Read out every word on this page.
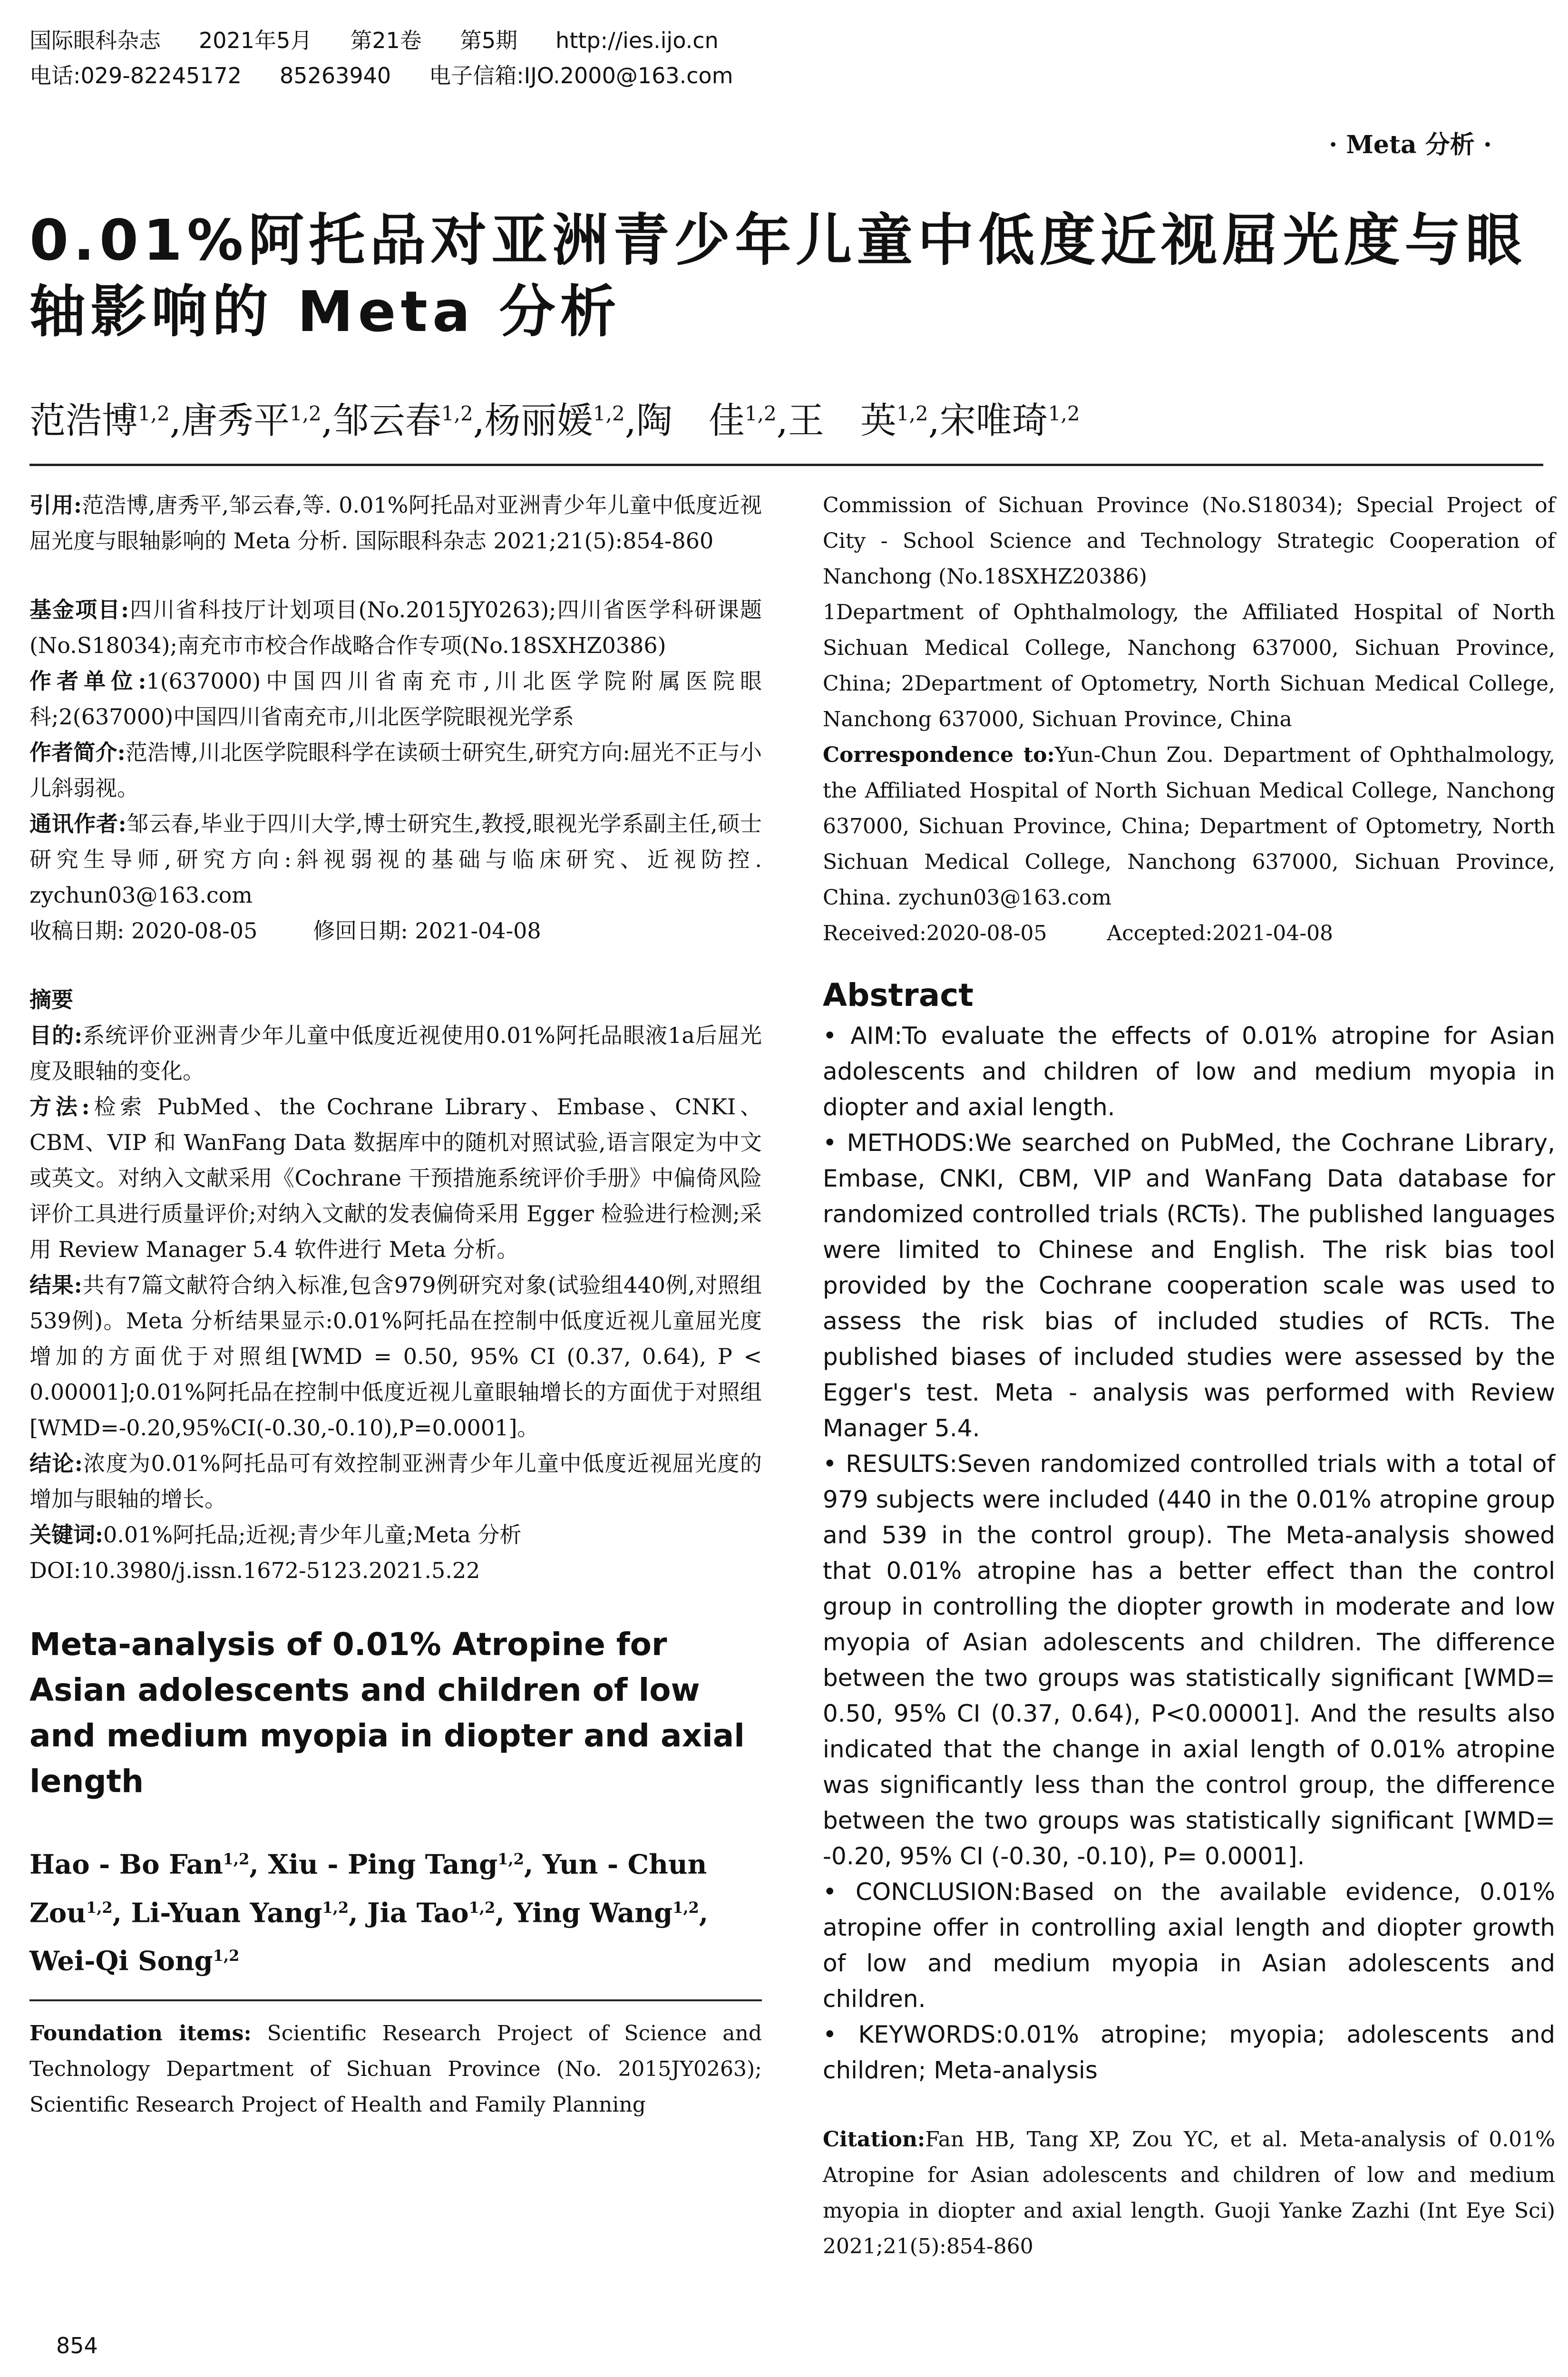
国际眼科杂志 2021年5月 第21卷 第5期 http://ies.ijo.cn
电话:029-82245172 85263940 电子信箱:IJO.2000@163.com
· Meta 分析 ·
0.01%阿托品对亚洲青少年儿童中低度近视屈光度与眼轴影响的 Meta 分析
范浩博$^{1,2}$,唐秀平$^{1,2}$,邹云春$^{1,2}$,杨丽媛$^{1,2}$,陶　佳$^{1,2}$,王　英$^{1,2}$,宋唯琦$^{1,2}$

引用:范浩博,唐秀平,邹云春,等. 0.01%阿托品对亚洲青少年儿童中低度近视屈光度与眼轴影响的 Meta 分析. 国际眼科杂志 2021;21(5):854-860

基金项目:四川省科技厅计划项目(No.2015JY0263);四川省医学科研课题(No.S18034);南充市市校合作战略合作专项(No.18SXHZ0386)

作者单位:1(637000)中国四川省南充市,川北医学院附属医院眼科;2(637000)中国四川省南充市,川北医学院眼视光学系

作者简介:范浩博,川北医学院眼科学在读硕士研究生,研究方向:屈光不正与小儿斜弱视。

通讯作者:邹云春,毕业于四川大学,博士研究生,教授,眼视光学系副主任,硕士研究生导师,研究方向:斜视弱视的基础与临床研究、近视防控. zychun03@163.com

收稿日期: 2020-08-05	修回日期: 2021-04-08

摘要

目的:系统评价亚洲青少年儿童中低度近视使用0.01%阿托品眼液1a后屈光度及眼轴的变化。

方法:检索 PubMed、the Cochrane Library、Embase、CNKI、CBM、VIP 和 WanFang Data 数据库中的随机对照试验,语言限定为中文或英文。对纳入文献采用《Cochrane 干预措施系统评价手册》中偏倚风险评价工具进行质量评价;对纳入文献的发表偏倚采用 Egger 检验进行检测;采用 Review Manager 5.4 软件进行 Meta 分析。

结果:共有7篇文献符合纳入标准,包含979例研究对象(试验组440例,对照组539例)。Meta 分析结果显示:0.01%阿托品在控制中低度近视儿童屈光度增加的方面优于对照组[WMD = 0.50, 95% CI (0.37, 0.64), P < 0.00001];0.01%阿托品在控制中低度近视儿童眼轴增长的方面优于对照组[WMD=-0.20,95%CI(-0.30,-0.10),P=0.0001]。

结论:浓度为0.01%阿托品可有效控制亚洲青少年儿童中低度近视屈光度的增加与眼轴的增长。

关键词:0.01%阿托品;近视;青少年儿童;Meta 分析

DOI:10.3980/j.issn.1672-5123.2021.5.22

Meta-analysis of 0.01% Atropine for Asian adolescents and children of low and medium myopia in diopter and axial length

Hao - Bo Fan$^{1,2}$, Xiu - Ping Tang$^{1,2}$, Yun - Chun Zou$^{1,2}$, Li-Yuan Yang$^{1,2}$, Jia Tao$^{1,2}$, Ying Wang$^{1,2}$, Wei-Qi Song$^{1,2}$

Foundation items: Scientific Research Project of Science and Technology Department of Sichuan Province (No. 2015JY0263); Scientific Research Project of Health and Family Planning

Commission of Sichuan Province (No.S18034); Special Project of City - School Science and Technology Strategic Cooperation of Nanchong (No.18SXHZ20386)

1Department of Ophthalmology, the Affiliated Hospital of North Sichuan Medical College, Nanchong 637000, Sichuan Province, China; 2Department of Optometry, North Sichuan Medical College, Nanchong 637000, Sichuan Province, China

Correspondence to:Yun-Chun Zou. Department of Ophthalmology, the Affiliated Hospital of North Sichuan Medical College, Nanchong 637000, Sichuan Province, China; Department of Optometry, North Sichuan Medical College, Nanchong 637000, Sichuan Province, China. zychun03@163.com

Received:2020-08-05	Accepted:2021-04-08

Abstract

• AIM:To evaluate the effects of 0.01% atropine for Asian adolescents and children of low and medium myopia in diopter and axial length.

• METHODS:We searched on PubMed, the Cochrane Library, Embase, CNKI, CBM, VIP and WanFang Data database for randomized controlled trials (RCTs). The published languages were limited to Chinese and English. The risk bias tool provided by the Cochrane cooperation scale was used to assess the risk bias of included studies of RCTs. The published biases of included studies were assessed by the Egger's test. Meta - analysis was performed with Review Manager 5.4.

• RESULTS:Seven randomized controlled trials with a total of 979 subjects were included (440 in the 0.01% atropine group and 539 in the control group). The Meta-analysis showed that 0.01% atropine has a better effect than the control group in controlling the diopter growth in moderate and low myopia of Asian adolescents and children. The difference between the two groups was statistically significant [WMD= 0.50, 95% CI (0.37, 0.64), P<0.00001]. And the results also indicated that the change in axial length of 0.01% atropine was significantly less than the control group, the difference between the two groups was statistically significant [WMD= -0.20, 95% CI (-0.30, -0.10), P= 0.0001].

• CONCLUSION:Based on the available evidence, 0.01% atropine offer in controlling axial length and diopter growth of low and medium myopia in Asian adolescents and children.

• KEYWORDS:0.01% atropine; myopia; adolescents and children; Meta-analysis

Citation:Fan HB, Tang XP, Zou YC, et al. Meta-analysis of 0.01% Atropine for Asian adolescents and children of low and medium myopia in diopter and axial length. Guoji Yanke Zazhi (Int Eye Sci) 2021;21(5):854-860

854
